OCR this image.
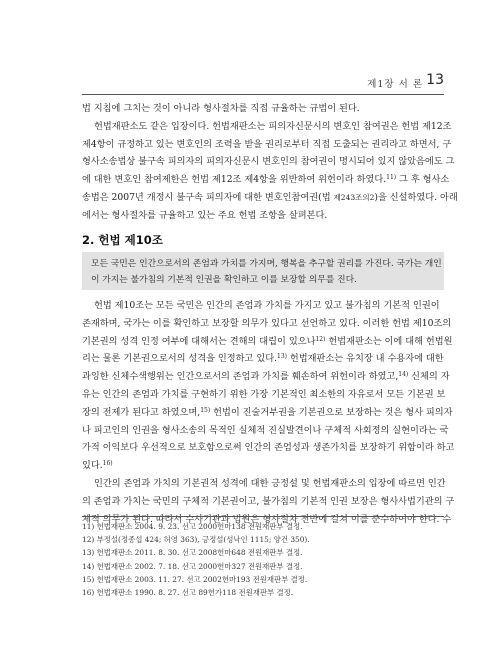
제1장 서 론 13
법 지침에 그치는 것이 아니라 형사절차를 직접 규율하는 규범이 된다.
헌법재판소도 같은 입장이다. 헌법재판소는 피의자신문시의 변호인 참여권은 헌법 제12조
제4항이 규정하고 있는 변호인의 조력을 받을 권리로부터 직접 도출되는 권리라고 하면서, 구
형사소송법상 불구속 피의자의 피의자신문시 변호인의 참여권이 명시되어 있지 않았음에도 그
에 대한 변호인 참여제한은 헌법 제12조 제4항을 위반하여 위헌이라 하였다.$^{11)}$ 그 후 형사소
송법은 2007년 개정시 불구속 피의자에 대한 변호인참여권(법 제243조의2)을 신설하였다. 아래
에서는 형사절차를 규율하고 있는 주요 헌법 조항을 살펴본다.
2. 헌법 제10조
모든 국민은 인간으로서의 존엄과 가치를 가지며, 행복을 추구할 권리를 가진다. 국가는 개인
이 가지는 불가침의 기본적 인권을 확인하고 이를 보장할 의무를 진다.
헌법 제10조는 모든 국민은 인간의 존엄과 가치를 가지고 있고 불가침의 기본적 인권이
존재하며, 국가는 이를 확인하고 보장할 의무가 있다고 선언하고 있다. 이러한 헌법 제10조의
기본권의 성격 인정 여부에 대해서는 견해의 대립이 있으나$^{12)}$ 헌법재판소는 이에 대해 헌법원
리는 물론 기본권으로서의 성격을 인정하고 있다.$^{13)}$ 헌법재판소는 유치장 내 수용자에 대한
과잉한 신체수색행위는 인간으로서의 존엄과 가치를 훼손하여 위헌이라 하였고,$^{14)}$ 신체의 자
유는 인간의 존엄과 가치를 구현하기 위한 가장 기본적인 최소한의 자유로서 모든 기본권 보
장의 전제가 된다고 하였으며,$^{15)}$ 헌법이 진술거부권을 기본권으로 보장하는 것은 형사 피의자
나 피고인의 인권을 형사소송의 목적인 실체적 진실발견이나 구체적 사회정의 실현이라는 국
가적 이익보다 우선적으로 보호함으로써 인간의 존엄성과 생존가치를 보장하기 위함이라 하고
있다.$^{16)}$
인간의 존엄과 가치의 기본권적 성격에 대한 긍정설 및 헌법재판소의 입장에 따르면 인간
의 존엄과 가치는 국민의 구체적 기본권이고, 불가침의 기본적 인권 보장은 형사사법기관의 구
체적 의무가 된다. 따라서 수사기관과 법원은 형사절차 전반에 걸쳐 이를 준수하여야 한다. 수
11) 헌법재판소 2004. 9. 23. 선고 2000헌마138 전원재판부 결정.
12) 부정설(정종섭 424; 허영 363), 긍정설(성낙인 1115; 양건 350).
13) 헌법재판소 2011. 8. 30. 선고 2008헌마648 전원재판부 결정.
14) 헌법재판소 2002. 7. 18. 선고 2000헌마327 전원재판부 결정.
15) 헌법재판소 2003. 11. 27. 선고 2002헌마193 전원재판부 결정.
16) 헌법재판소 1990. 8. 27. 선고 89헌가118 전원재판부 결정.
